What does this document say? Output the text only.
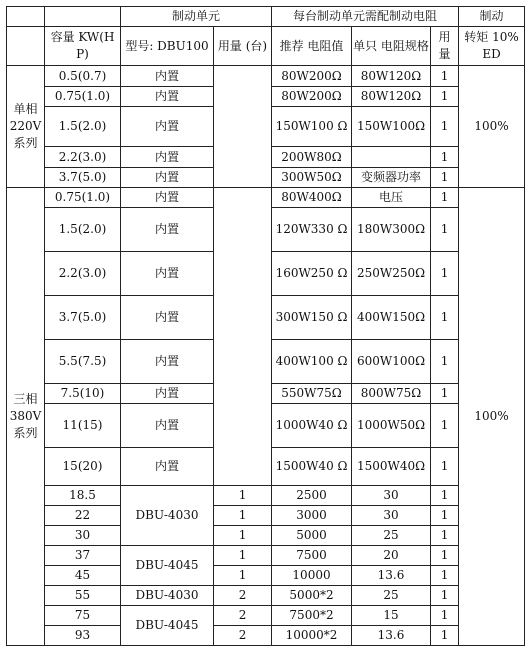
		制动单元		每台制动单元需配制动电阻			制动
	容量 KW(HP)	型号: DBU100	用量 (台)	推荐 电阻值	单只 电阻规格	用 量	转矩 10%ED
单相 220V 系列	0.5(0.7)	内置		80W200Ω	80W120Ω	1	100%
	0.75(1.0)	内置		80W200Ω	80W120Ω	1	
	1.5(2.0)	内置		150W100 Ω	150W100Ω	1	
	2.2(3.0)	内置		200W80Ω		1	
	3.7(5.0)	内置		300W50Ω	变频器功率	1	
三相 380V 系列	0.75(1.0)	内置		80W400Ω	电压	1	100%
	1.5(2.0)	内置		120W330 Ω	180W300Ω	1	
	2.2(3.0)	内置		160W250 Ω	250W250Ω	1	
	3.7(5.0)	内置		300W150 Ω	400W150Ω	1	
	5.5(7.5)	内置		400W100 Ω	600W100Ω	1	
	7.5(10)	内置		550W75Ω	800W75Ω	1	
	11(15)	内置		1000W40 Ω	1000W50Ω	1	
	15(20)	内置		1500W40 Ω	1500W40Ω	1	
	18.5	DBU-4030	1	2500	30	1	
	22		1	3000	30	1	
	30		1	5000	25	1	
	37	DBU-4045	1	7500	20	1	
	45		1	10000	13.6	1	
	55	DBU-4030	2	5000*2	25	1	
	75	DBU-4045	2	7500*2	15	1	
	93		2	10000*2	13.6	1	
